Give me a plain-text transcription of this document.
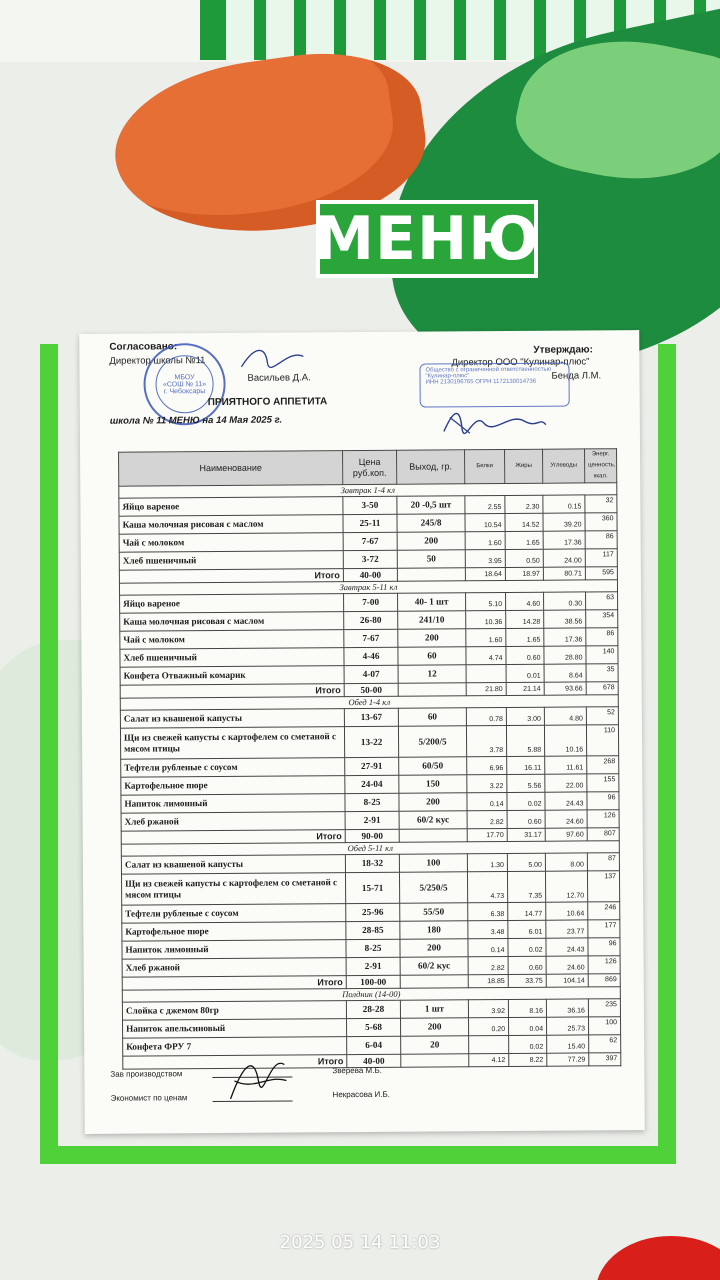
МЕНЮ
Согласовано:
Директор школы №11
Васильев Д.А.
МБОУ
«СОШ № 11»
г. Чебоксары
Утверждаю:
Директор ООО "Кулинар-плюс"
Бенда Л.М.
Общество с ограниченной ответственностью
"Кулинар-плюс"
ИНН 2130196765 ОГРН 1172130014736
ПРИЯТНОГО АППЕТИТА
школа № 11 МЕНЮ на 14 Мая 2025 г.
Наименование	Цена руб.коп.	Выход, гр.	Белки	Жиры	Углеводы	Энерг. ценность, ккал.
Завтрак 1-4 кл						
Яйцо вареное	3-50	20 -0,5 шт	2.55	2.30	0.15	32
Каша молочная рисовая с маслом	25-11	245/8	10.54	14.52	39.20	360
Чай с молоком	7-67	200	1.60	1.65	17.36	86
Хлеб пшеничный	3-72	50	3.95	0.50	24.00	117
Итого	40-00		18.64	18.97	80.71	595
Завтрак 5-11 кл						
Яйцо вареное	7-00	40- 1 шт	5.10	4.60	0.30	63
Каша молочная рисовая с маслом	26-80	241/10	10.36	14.28	38.56	354
Чай с молоком	7-67	200	1.60	1.65	17.36	86
Хлеб пшеничный	4-46	60	4.74	0.60	28.80	140
Конфета Отважный комарик	4-07	12		0.01	8.64	35
Итого	50-00		21.80	21.14	93.66	678
Обед 1-4 кл						
Салат из квашеной капусты	13-67	60	0.78	3.00	4.80	52
Щи из свежей капусты с картофелем со сметаной с мясом птицы	13-22	5/200/5	3.78	5.88	10.16	110
Тефтели рубленые с соусом	27-91	60/50	6.96	16.11	11.61	268
Картофельное пюре	24-04	150	3.22	5.56	22.00	155
Напиток лимонный	8-25	200	0.14	0.02	24.43	96
Хлеб ржаной	2-91	60/2 кус	2.82	0.60	24.60	126
Итого	90-00		17.70	31.17	97.60	807
Обед 5-11 кл						
Салат из квашеной капусты	18-32	100	1.30	5.00	8.00	87
Щи из свежей капусты с картофелем со сметаной с мясом птицы	15-71	5/250/5	4.73	7.35	12.70	137
Тефтели рубленые с соусом	25-96	55/50	6.38	14.77	10.64	246
Картофельное пюре	28-85	180	3.48	6.01	23.77	177
Напиток лимонный	8-25	200	0.14	0.02	24.43	96
Хлеб ржаной	2-91	60/2 кус	2.82	0.60	24.60	126
Итого	100-00		18.85	33.75	104.14	869
Полдник (14-00)						
Слойка с джемом 80гр	28-28	1 шт	3.92	8.16	36.16	235
Напиток апельсиновый	5-68	200	0.20	0.04	25.73	100
Конфета ФРУ 7	6-04	20		0.02	15.40	62
Итого	40-00		4.12	8.22	77.29	397
Зав производством	Зверева М.Б.
Экономист по ценам	Некрасова И.Б.
2025 05 14 11:03
